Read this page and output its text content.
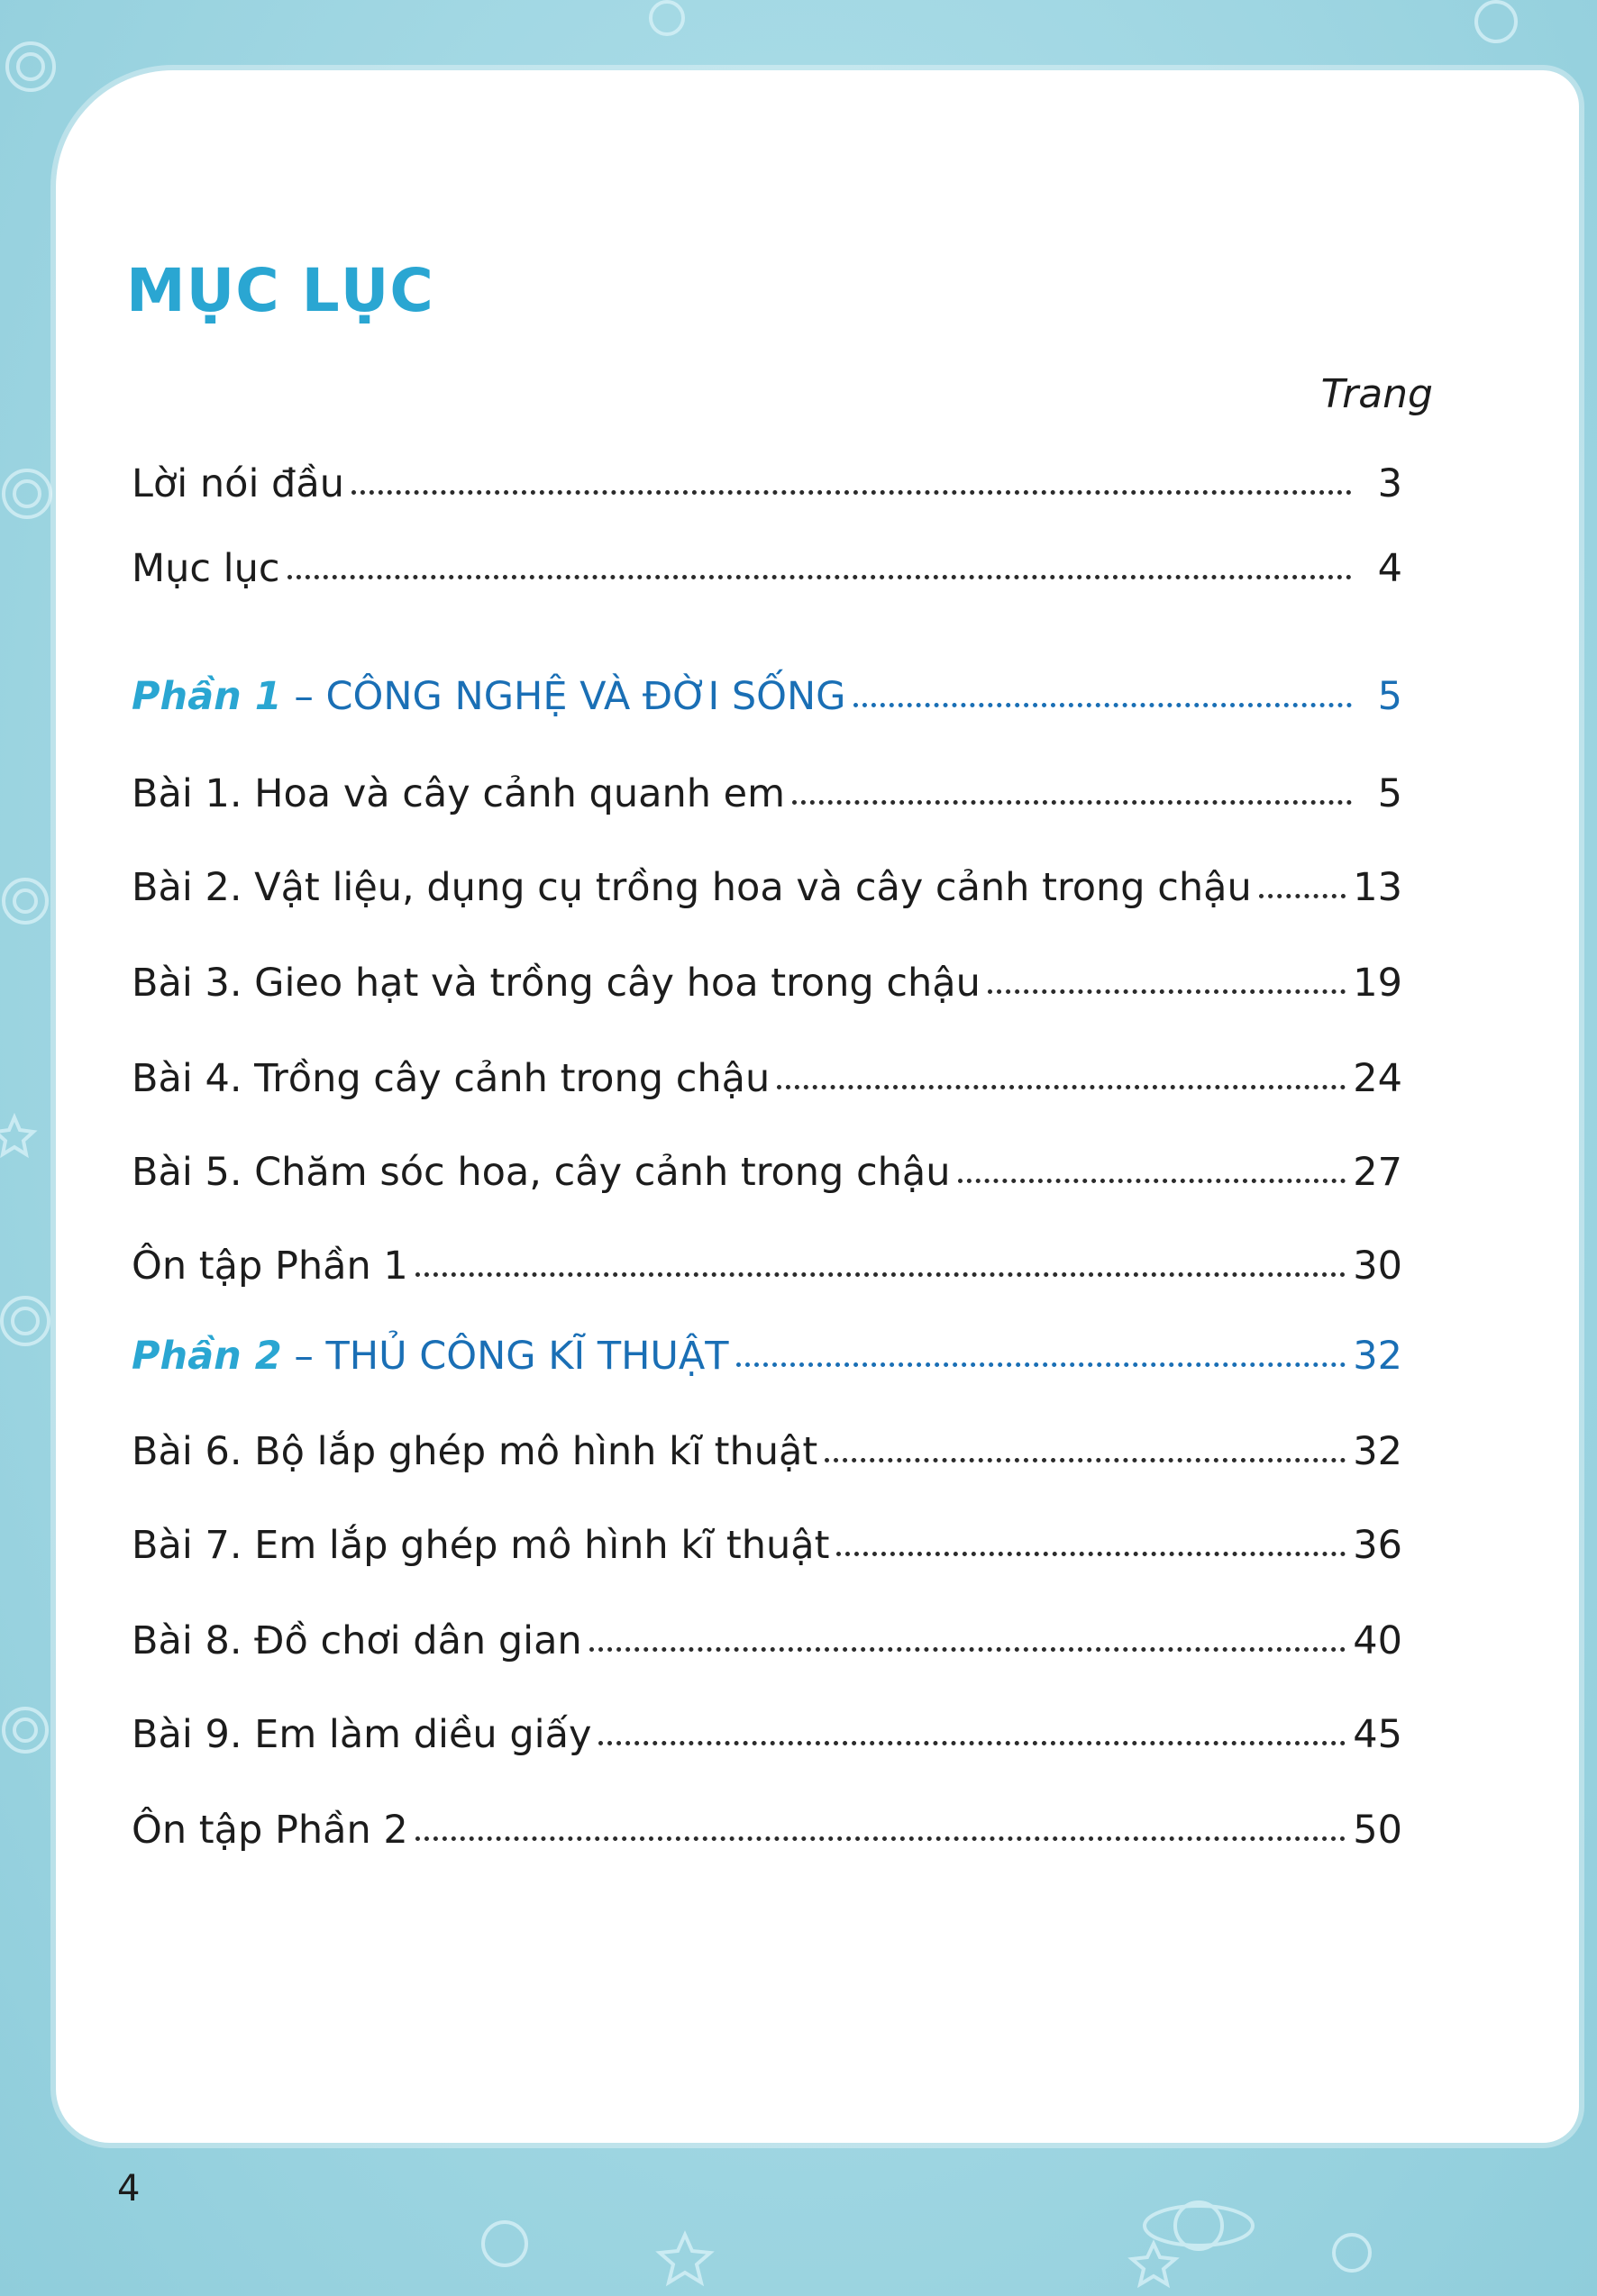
MỤC LỤC
Trang
Lời nói đầu	3
Mục lục	4
Phần 1 – CÔNG NGHỆ VÀ ĐỜI SỐNG	5
Bài 1. Hoa và cây cảnh quanh em	5
Bài 2. Vật liệu, dụng cụ trồng hoa và cây cảnh trong chậu	13
Bài 3. Gieo hạt và trồng cây hoa trong chậu	19
Bài 4. Trồng cây cảnh trong chậu	24
Bài 5. Chăm sóc hoa, cây cảnh trong chậu	27
Ôn tập Phần 1	30
Phần 2 – THỦ CÔNG KĨ THUẬT	32
Bài 6. Bộ lắp ghép mô hình kĩ thuật	32
Bài 7. Em lắp ghép mô hình kĩ thuật	36
Bài 8. Đồ chơi dân gian	40
Bài 9. Em làm diều giấy	45
Ôn tập Phần 2	50
4
